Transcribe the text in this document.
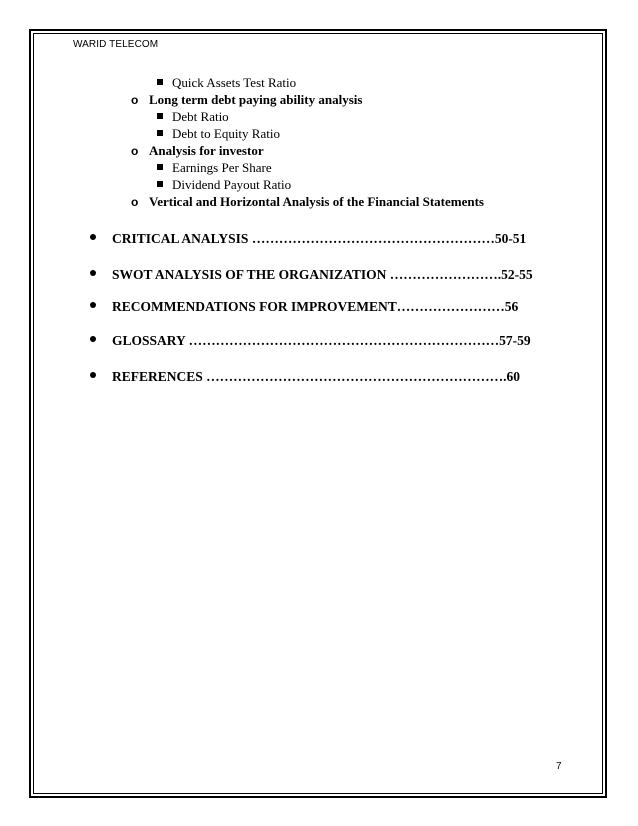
WARID TELECOM
Quick Assets Test Ratio
o Long term debt paying ability analysis
Debt Ratio
Debt to Equity Ratio
o Analysis for investor
Earnings Per Share
Dividend Payout Ratio
o Vertical and Horizontal Analysis of the Financial Statements
CRITICAL ANALYSIS ………………………………………………50-51
SWOT ANALYSIS OF THE ORGANIZATION …………………….52-55
RECOMMENDATIONS FOR IMPROVEMENT……………………56
GLOSSARY ……………………………………………………………57-59
REFERENCES ………………………………………………………….60
7
